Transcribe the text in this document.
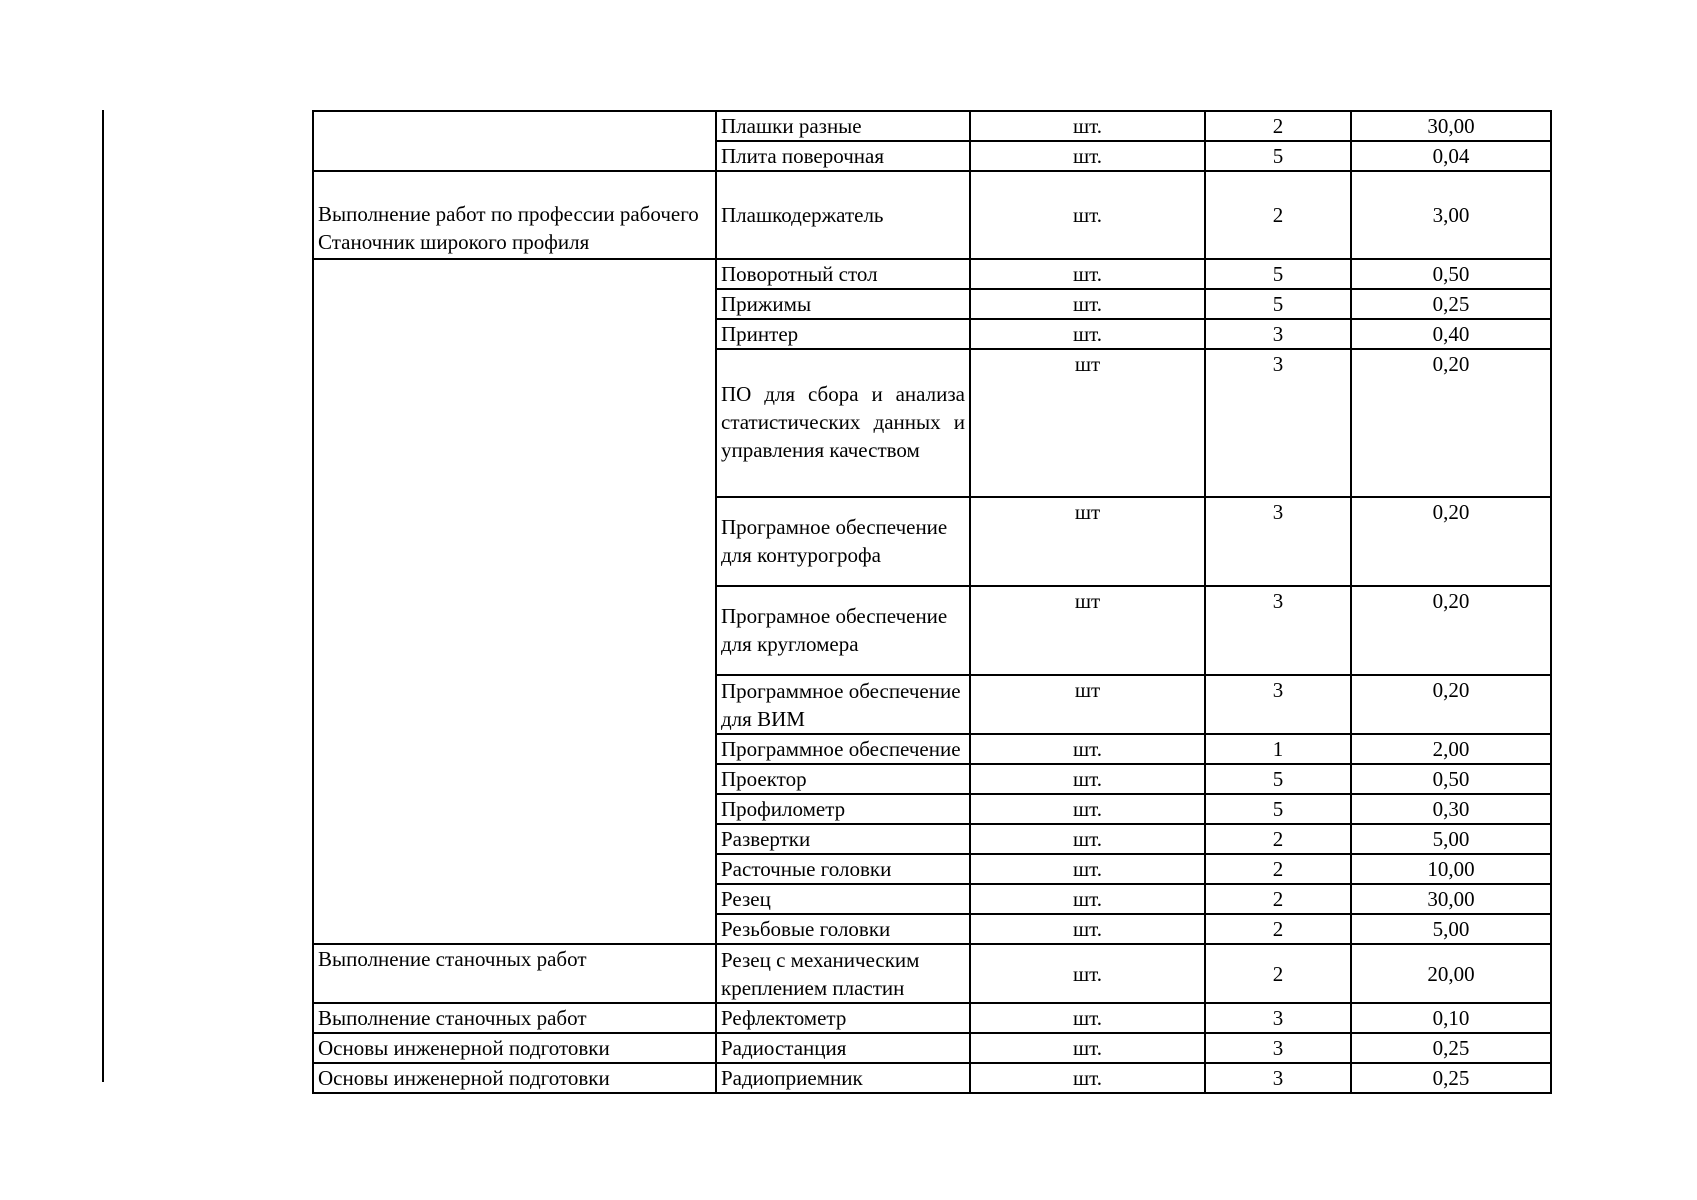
	Плашки разные	шт.	2	30,00
	Плита поверочная	шт.	5	0,04
Выполнение работ по профессии рабочего Станочник широкого профиля	Плашкодержатель	шт.	2	3,00
	Поворотный стол	шт.	5	0,50
	Прижимы	шт.	5	0,25
	Принтер	шт.	3	0,40
	ПО для сбора и анализа статистических данных и управления качеством	шт	3	0,20
	Програмное обеспечение для контурогрофа	шт	3	0,20
	Програмное обеспечение для кругломера	шт	3	0,20
	Программное обеспечение для ВИМ	шт	3	0,20
	Программное обеспечение	шт.	1	2,00
	Проектор	шт.	5	0,50
	Профилометр	шт.	5	0,30
	Развертки	шт.	2	5,00
	Расточные головки	шт.	2	10,00
	Резец	шт.	2	30,00
	Резьбовые головки	шт.	2	5,00
Выполнение станочных работ	Резец с механическим креплением пластин	шт.	2	20,00
Выполнение станочных работ	Рефлектометр	шт.	3	0,10
Основы инженерной подготовки	Радиостанция	шт.	3	0,25
Основы инженерной подготовки	Радиоприемник	шт.	3	0,25
